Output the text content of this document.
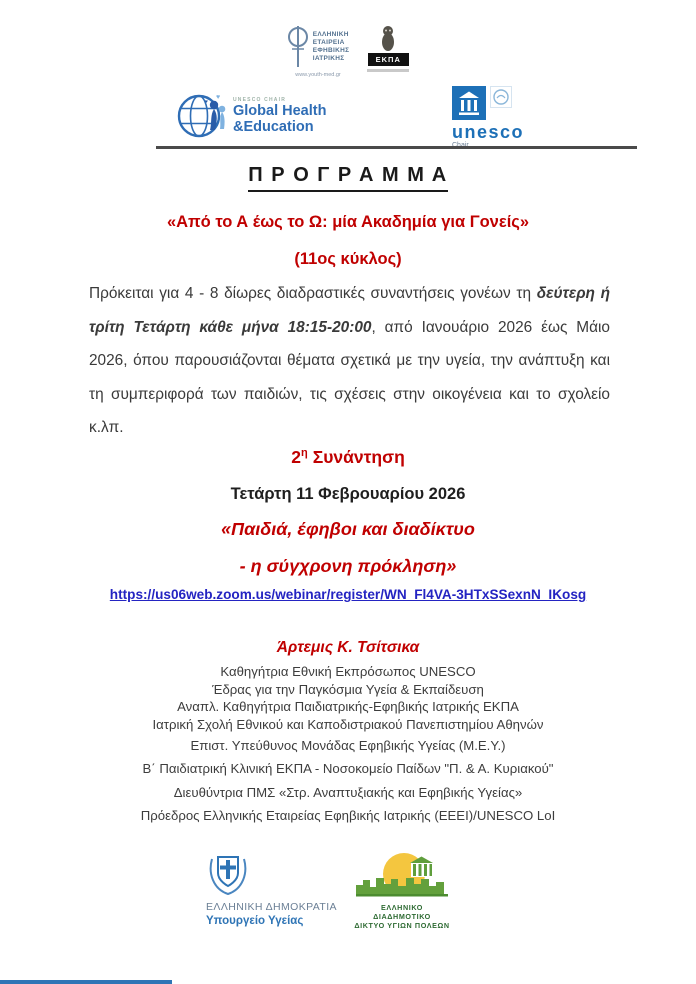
ΕΛΛΗΝΙΚΗ
ΕΤΑΙΡΕΙΑ
ΕΦΗΒΙΚΗΣ
ΙΑΤΡΙΚΗΣ
www.youth-med.gr
ΕΚΠΑ
♥
♥	UNESCO CHAIR
Global Health
&Education	unesco
Π Ρ Ο Γ Ρ Α Μ Μ Α
«Από το Α έως το Ω: μία Ακαδημία για Γονείς»
(11ος κύκλος)
Πρόκειται για 4 - 8 δίωρες διαδραστικές συναντήσεις γονέων τη δεύτερη ή τρίτη Τετάρτη κάθε μήνα 18:15-20:00, από Ιανουάριο 2026 έως Μάιο 2026, όπου παρουσιάζονται θέματα σχετικά με την υγεία, την ανάπτυξη και τη συμπεριφορά των παιδιών, τις σχέσεις στην οικογένεια και το σχολείο κ.λπ.
$2^\eta$ Συνάντηση
Τετάρτη 11 Φεβρουαρίου 2026
«Παιδιά, έφηβοι και διαδίκτυο
- η σύγχρονη πρόκληση»
https://us06web.zoom.us/webinar/register/WN_Fl4VA-3HTxSSexnN_IKosg
Άρτεμις Κ. Τσίτσικα
Καθηγήτρια Εθνική Εκπρόσωπος UNESCO
Έδρας για την Παγκόσμια Υγεία & Εκπαίδευση
Αναπλ. Καθηγήτρια Παιδιατρικής-Εφηβικής Ιατρικής ΕΚΠΑ
Ιατρική Σχολή Εθνικού και Καποδιστριακού Πανεπιστημίου Αθηνών
Επιστ. Υπεύθυνος Μονάδας Εφηβικής Υγείας (Μ.Ε.Υ.)
Β΄ Παιδιατρική Κλινική ΕΚΠΑ - Νοσοκομείο Παίδων "Π. & Α. Κυριακού"
Διευθύντρια ΠΜΣ «Στρ. Αναπτυξιακής και Εφηβικής Υγείας»
Πρόεδρος Ελληνικής Εταιρείας Εφηβικής Ιατρικής (ΕΕΕΙ)/UNESCO LoI
ΕΛΛΗΝΙΚΗ ΔΗΜΟΚΡΑΤΙΑ
Υπουργείο Υγείας
ΕΛΛΗΝΙΚΟ ΔΙΑΔΗΜΟΤΙΚΟ
ΔΙΚΤΥΟ ΥΓΙΩΝ ΠΟΛΕΩΝ
